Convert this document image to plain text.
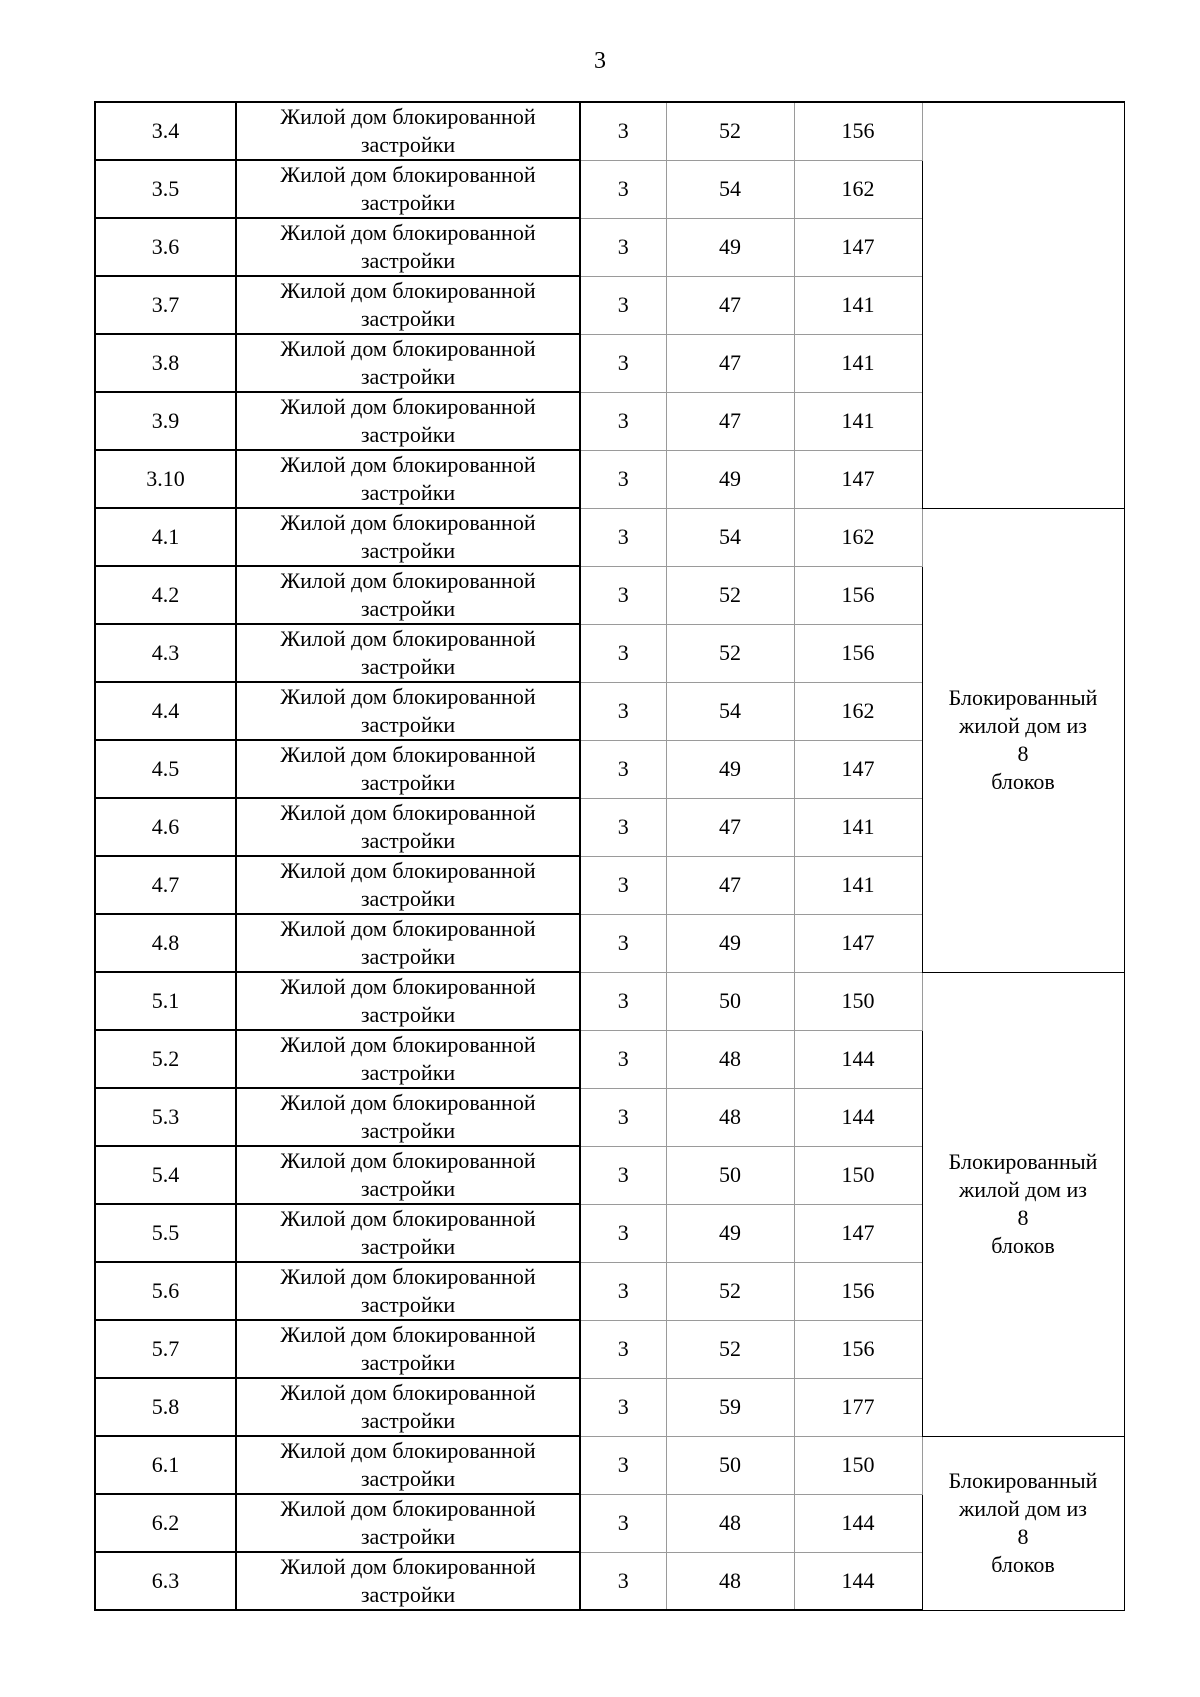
3
3.4	Жилой дом блокированной застройки	3	52	156	
3.5	Жилой дом блокированной застройки	3	54	162	
3.6	Жилой дом блокированной застройки	3	49	147	
3.7	Жилой дом блокированной застройки	3	47	141	
3.8	Жилой дом блокированной застройки	3	47	141	
3.9	Жилой дом блокированной застройки	3	47	141	
3.10	Жилой дом блокированной застройки	3	49	147	
4.1	Жилой дом блокированной застройки	3	54	162	Блокированный
жилой дом из
8
блоков

4.2	Жилой дом блокированной застройки	3	52	156	
4.3	Жилой дом блокированной застройки	3	52	156	
4.4	Жилой дом блокированной застройки	3	54	162	
4.5	Жилой дом блокированной застройки	3	49	147	
4.6	Жилой дом блокированной застройки	3	47	141	
4.7	Жилой дом блокированной застройки	3	47	141	
4.8	Жилой дом блокированной застройки	3	49	147	
5.1	Жилой дом блокированной застройки	3	50	150	Блокированный
жилой дом из
8
блоков

5.2	Жилой дом блокированной застройки	3	48	144	
5.3	Жилой дом блокированной застройки	3	48	144	
5.4	Жилой дом блокированной застройки	3	50	150	
5.5	Жилой дом блокированной застройки	3	49	147	
5.6	Жилой дом блокированной застройки	3	52	156	
5.7	Жилой дом блокированной застройки	3	52	156	
5.8	Жилой дом блокированной застройки	3	59	177	
6.1	Жилой дом блокированной застройки	3	50	150	Блокированный
жилой дом из
8
блоков

6.2	Жилой дом блокированной застройки	3	48	144	
6.3	Жилой дом блокированной застройки	3	48	144	
